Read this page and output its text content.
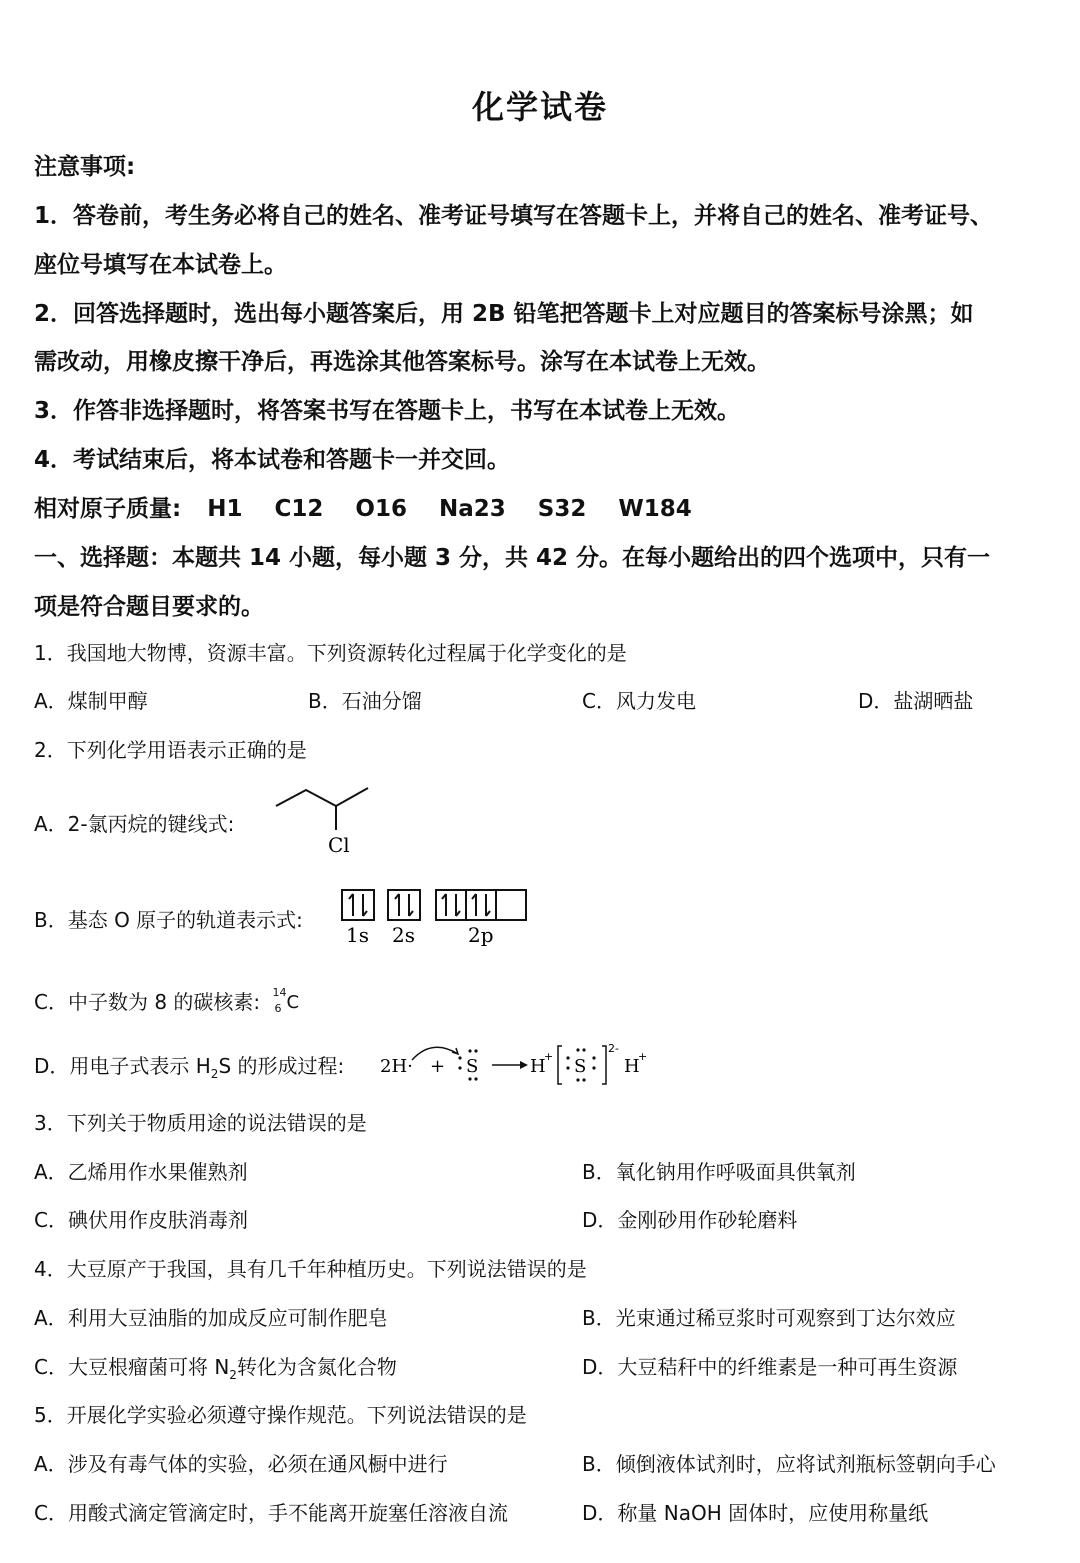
化学试卷
注意事项:
1．答卷前，考生务必将自己的姓名、准考证号填写在答题卡上，并将自己的姓名、准考证号、
座位号填写在本试卷上。
2．回答选择题时，选出每小题答案后，用 2B 铅笔把答题卡上对应题目的答案标号涂黑；如
需改动，用橡皮擦干净后，再选涂其他答案标号。涂写在本试卷上无效。
3．作答非选择题时，将答案书写在答题卡上，书写在本试卷上无效。
4．考试结束后，将本试卷和答题卡一并交回。
相对原子质量: H1 C12 O16 Na23 S32 W184
一、选择题：本题共 14 小题，每小题 3 分，共 42 分。在每小题给出的四个选项中，只有一
项是符合题目要求的。
1．我国地大物博，资源丰富。下列资源转化过程属于化学变化的是
A．煤制甲醇	B．石油分馏	C．风力发电	D．盐湖晒盐
2．下列化学用语表示正确的是
A．2-氯丙烷的键线式:
Cl
B．基态 O 原子的轨道表示式:
1s 2s	2p
C．中子数为 8 的碳核素: 14
6 C
D．用电子式表示 $H_2S$ 的形成过程: 2H· + S	H
+ S
2-
H
+
3．下列关于物质用途的说法错误的是
A．乙烯用作水果催熟剂	B．氧化钠用作呼吸面具供氧剂
C．碘伏用作皮肤消毒剂	D．金刚砂用作砂轮磨料
4．大豆原产于我国，具有几千年种植历史。下列说法错误的是
A．利用大豆油脂的加成反应可制作肥皂	B．光束通过稀豆浆时可观察到丁达尔效应
C．大豆根瘤菌可将 $N_2$转化为含氮化合物	D．大豆秸秆中的纤维素是一种可再生资源
5．开展化学实验必须遵守操作规范。下列说法错误的是
A．涉及有毒气体的实验，必须在通风橱中进行	B．倾倒液体试剂时，应将试剂瓶标签朝向手心
C．用酸式滴定管滴定时，手不能离开旋塞任溶液自流	D．称量 NaOH 固体时，应使用称量纸
